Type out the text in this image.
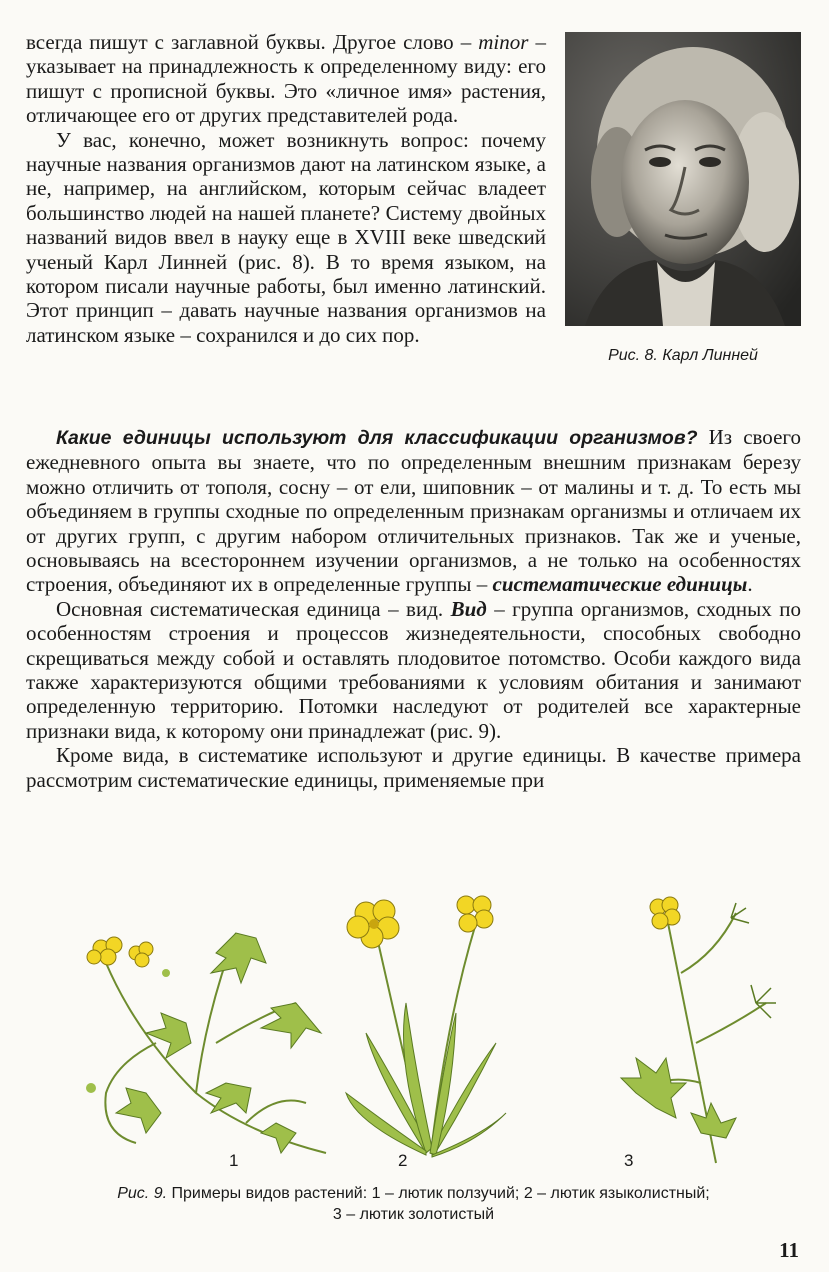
всегда пишут с заглавной буквы. Другое слово – minor – указывает на принадлежность к определенному виду: его пишут с прописной буквы. Это «личное имя» растения, отличающее его от других представителей рода.

У вас, конечно, может возникнуть вопрос: почему научные названия организмов дают на латинском языке, а не, например, на английском, которым сейчас владеет большинство людей на нашей планете? Систему двойных названий видов ввел в науку еще в XVIII веке шведский ученый Карл Линней (рис. 8). В то время языком, на котором писали научные работы, был именно латинский. Этот принцип – давать научные названия организмов на латинском языке – сохранился и до сих пор.

Рис. 8. Карл Линней

Какие единицы используют для классификации организмов? Из своего ежедневного опыта вы знаете, что по определенным внешним признакам березу можно отличить от тополя, сосну – от ели, шиповник – от малины и т. д. То есть мы объединяем в группы сходные по определенным признакам организмы и отличаем их от других групп, с другим набором отличительных признаков. Так же и ученые, основываясь на всестороннем изучении организмов, а не только на особенностях строения, объединяют их в определенные группы – систематические единицы.

Основная систематическая единица – вид. Вид – группа организмов, сходных по особенностям строения и процессов жизнедеятельности, способных свободно скрещиваться между собой и оставлять плодовитое потомство. Особи каждого вида также характеризуются общими требованиями к условиям обитания и занимают определенную территорию. Потомки наследуют от родителей все характерные признаки вида, к которому они принадлежат (рис. 9).

Кроме вида, в систематике используют и другие единицы. В качестве примера рассмотрим систематические единицы, применяемые при

1	2	3
Рис. 9. Примеры видов растений: 1 – лютик ползучий; 2 – лютик языколистный;
3 – лютик золотистый
11
